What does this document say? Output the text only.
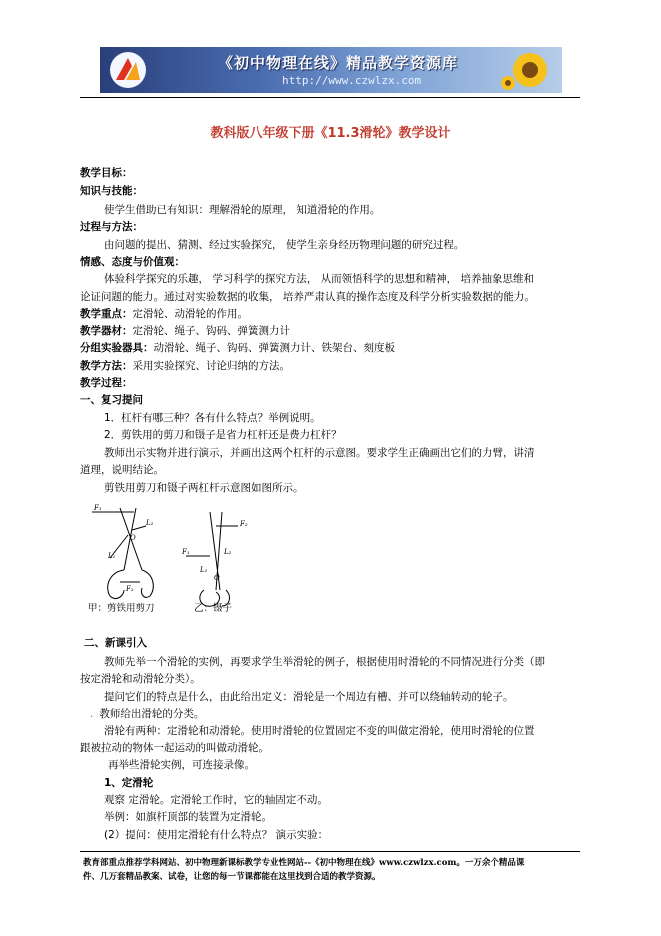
《初中物理在线》精品教学资源库
http://www.czwlzx.com
教科版八年级下册《11.3滑轮》教学设计
教学目标：
知识与技能：
使学生借助已有知识：理解滑轮的原理， 知道滑轮的作用。
过程与方法：
由问题的提出、猜测、经过实验探究， 使学生亲身经历物理问题的研究过程。
情感、态度与价值观：
体验科学探究的乐趣， 学习科学的探究方法， 从而领悟科学的思想和精神， 培养抽象思维和
论证问题的能力。通过对实验数据的收集， 培养严肃认真的操作态度及科学分析实验数据的能力。
教学重点：定滑轮、动滑轮的作用。
教学器材：定滑轮、绳子、钩码、弹簧测力计
分组实验器具：动滑轮、绳子、钩码、弹簧测力计、铁架台、刻度板
教学方法：采用实验探究、讨论归纳的方法。
教学过程：
一、复习提问
1．杠杆有哪三种？各有什么特点？举例说明。
2．剪铁用的剪刀和镊子是省力杠杆还是费力杠杆？
教师出示实物并进行演示，并画出这两个杠杆的示意图。要求学生正确画出它们的力臂，讲清
道理，说明结论。
剪铁用剪刀和镊子两杠杆示意图如图所示。
F₁
L₂
O
L₁
F₂
F₂
F₁	L₂
L₁
O
甲：剪铁用剪刀	乙：镊子
二、新课引入
教师先举一个滑轮的实例，再要求学生举滑轮的例子，根据使用时滑轮的不同情况进行分类（即
按定滑轮和动滑轮分类）。
提问它们的特点是什么，由此给出定义：滑轮是一个周边有槽、并可以绕轴转动的轮子。
. 教师给出滑轮的分类。
滑轮有两种：定滑轮和动滑轮。使用时滑轮的位置固定不变的叫做定滑轮，使用时滑轮的位置
跟被拉动的物体一起运动的叫做动滑轮。
再举些滑轮实例，可连接录像。
1、定滑轮
观察 定滑轮。定滑轮工作时，它的轴固定不动。
举例：如旗杆顶部的装置为定滑轮。
(2）提问：使用定滑轮有什么特点？ 演示实验：
教育部重点推荐学科网站、初中物理新课标教学专业性网站--《初中物理在线》www.czwlzx.com。一万余个精品课
件、几万套精品教案、试卷，让您的每一节课都能在这里找到合适的教学资源。
